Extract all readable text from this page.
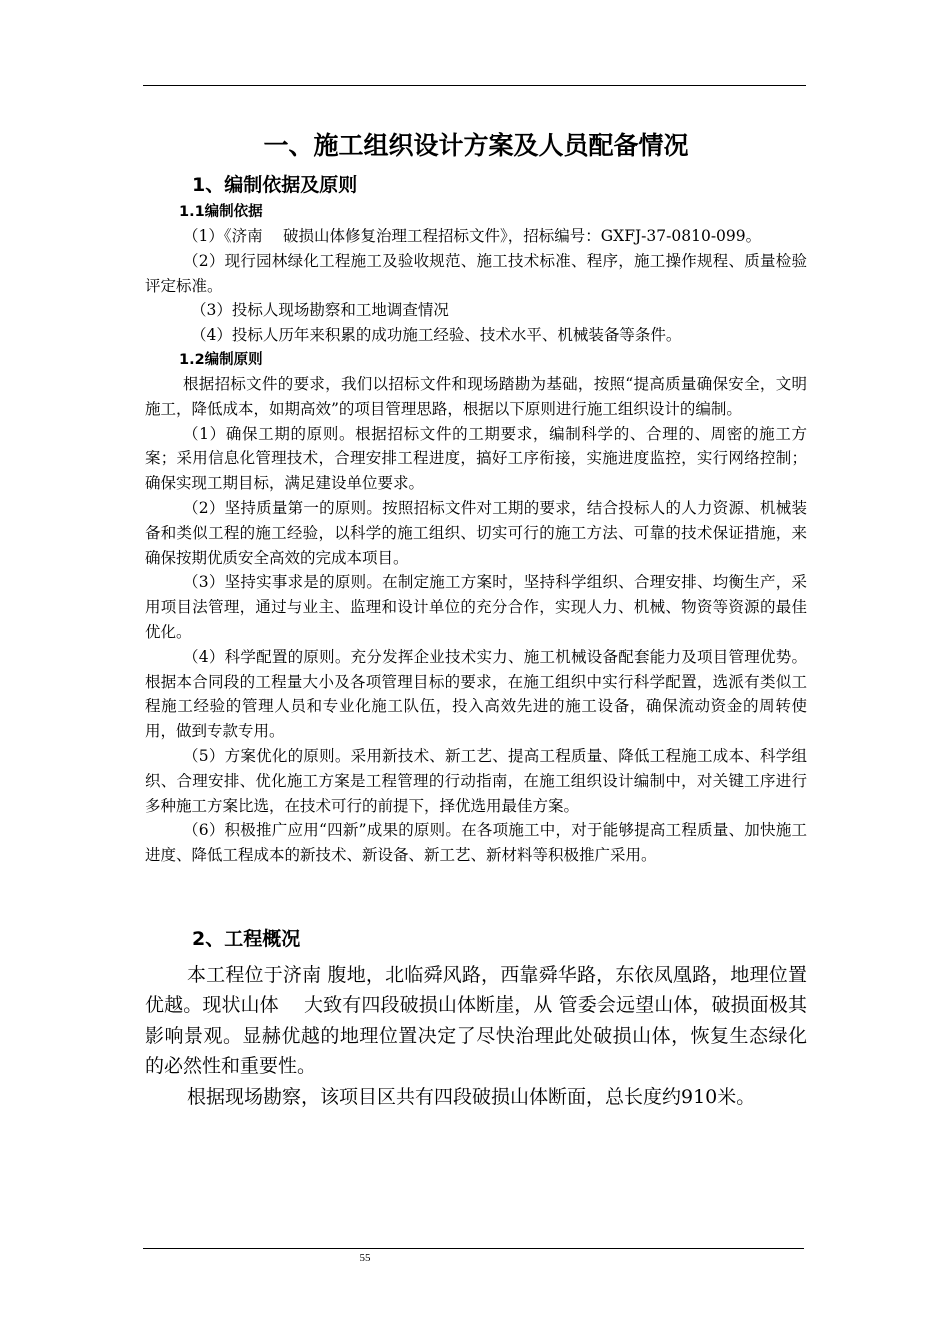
一、施工组织设计方案及人员配备情况
1、编制依据及原则
1.1编制依据

（1）《济南　 破损山体修复治理工程招标文件》，招标编号：GXFJ-37-0810-099。

（2）现行园林绿化工程施工及验收规范、施工技术标准、程序，施工操作规程、质量检验评定标准。

（3）投标人现场勘察和工地调查情况

（4）投标人历年来积累的成功施工经验、技术水平、机械装备等条件。

1.2编制原则

根据招标文件的要求，我们以招标文件和现场踏勘为基础，按照“提高质量确保安全，文明施工，降低成本，如期高效”的项目管理思路，根据以下原则进行施工组织设计的编制。

（1）确保工期的原则。根据招标文件的工期要求，编制科学的、合理的、周密的施工方案；采用信息化管理技术，合理安排工程进度，搞好工序衔接，实施进度监控，实行网络控制；确保实现工期目标，满足建设单位要求。

（2）坚持质量第一的原则。按照招标文件对工期的要求，结合投标人的人力资源、机械装备和类似工程的施工经验，以科学的施工组织、切实可行的施工方法、可靠的技术保证措施，来确保按期优质安全高效的完成本项目。

（3）坚持实事求是的原则。在制定施工方案时，坚持科学组织、合理安排、均衡生产，采用项目法管理，通过与业主、监理和设计单位的充分合作，实现人力、机械、物资等资源的最佳优化。

（4）科学配置的原则。充分发挥企业技术实力、施工机械设备配套能力及项目管理优势。根据本合同段的工程量大小及各项管理目标的要求，在施工组织中实行科学配置，选派有类似工程施工经验的管理人员和专业化施工队伍，投入高效先进的施工设备，确保流动资金的周转使用，做到专款专用。

（5）方案优化的原则。采用新技术、新工艺、提高工程质量、降低工程施工成本、科学组织、合理安排、优化施工方案是工程管理的行动指南，在施工组织设计编制中，对关键工序进行多种施工方案比选，在技术可行的前提下，择优选用最佳方案。

（6）积极推广应用“四新”成果的原则。在各项施工中，对于能够提高工程质量、加快施工进度、降低工程成本的新技术、新设备、新工艺、新材料等积极推广采用。

2、工程概况

本工程位于济南 腹地，北临舜风路，西靠舜华路，东依凤凰路，地理位置优越。现状山体　 大致有四段破损山体断崖，从 管委会远望山体，破损面极其影响景观。显赫优越的地理位置决定了尽快治理此处破损山体，恢复生态绿化的必然性和重要性。

根据现场勘察，该项目区共有四段破损山体断面，总长度约910米。

55
